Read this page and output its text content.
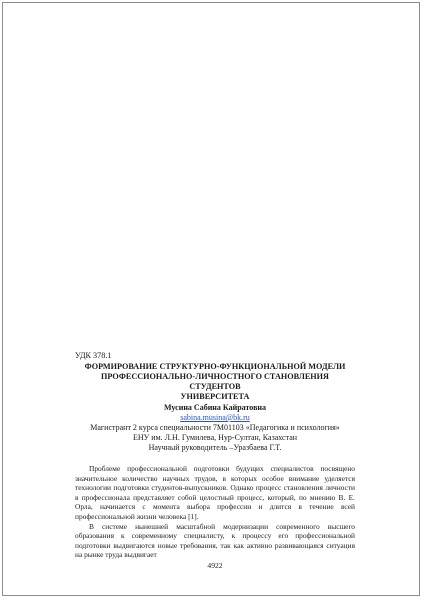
ФОРМИРОВАНИЕ СТРУКТУРНО-ФУНКЦИОНАЛЬНОЙ МОДЕЛИ
ПРОФЕССИОНАЛЬНО-ЛИЧНОСТНОГО СТАНОВЛЕНИЯ СТУДЕНТОВ
УНИВЕРСИТЕТА
УДК 378.1
ФОРМИРОВАНИЕ СТРУКТУРНО-ФУНКЦИОНАЛЬНОЙ МОДЕЛИ
ПРОФЕССИОНАЛЬНО-ЛИЧНОСТНОГО СТАНОВЛЕНИЯ СТУДЕНТОВ
УНИВЕРСИТЕТА
Мусина Сабина Кайратовна
sabina.musina@bk.ru
Магистрант 2 курса специальности 7М01103 «Педагогика и психология»
ЕНУ им. Л.Н. Гумилева, Нур-Султан, Казахстан
Научный руководитель –Уразбаева Г.Т.

Проблеме профессиональной подготовки будущих специалистов посвящено значительное количество научных трудов, в которых особое внимание уделяется технологии подготовки студентов-выпускников. Однако процесс становления личности в профессионала представляет собой целостный процесс, который, по мнению В. Е. Орла, начинается с момента выбора профессии и длится в течение всей профессиональной жизни человека [1].

В системе нынешней масштабной модернизации современного высшего образования к современному специалисту, к процессу его профессиональной подготовки выдвигаются новые требования, так как активно развивающаяся ситуация на рынке труда выдвигает

4922
